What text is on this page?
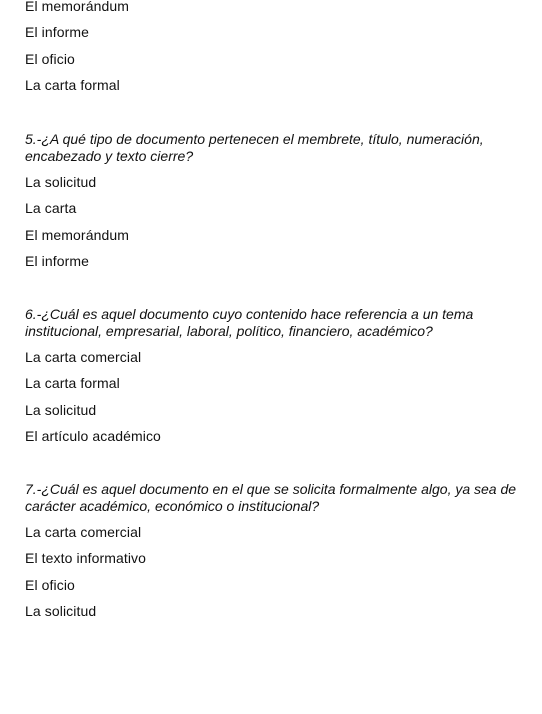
El memorándum
El informe
El oficio
La carta formal

5.-¿A qué tipo de documento pertenecen el membrete, título, numeración, encabezado y texto cierre?

La solicitud
La carta
El memorándum
El informe

6.-¿Cuál es aquel documento cuyo contenido hace referencia a un tema institucional, empresarial, laboral, político, financiero, académico?

La carta comercial
La carta formal
La solicitud
El artículo académico

7.-¿Cuál es aquel documento en el que se solicita formalmente algo, ya sea de carácter académico, económico o institucional?

La carta comercial
El texto informativo
El oficio
La solicitud
